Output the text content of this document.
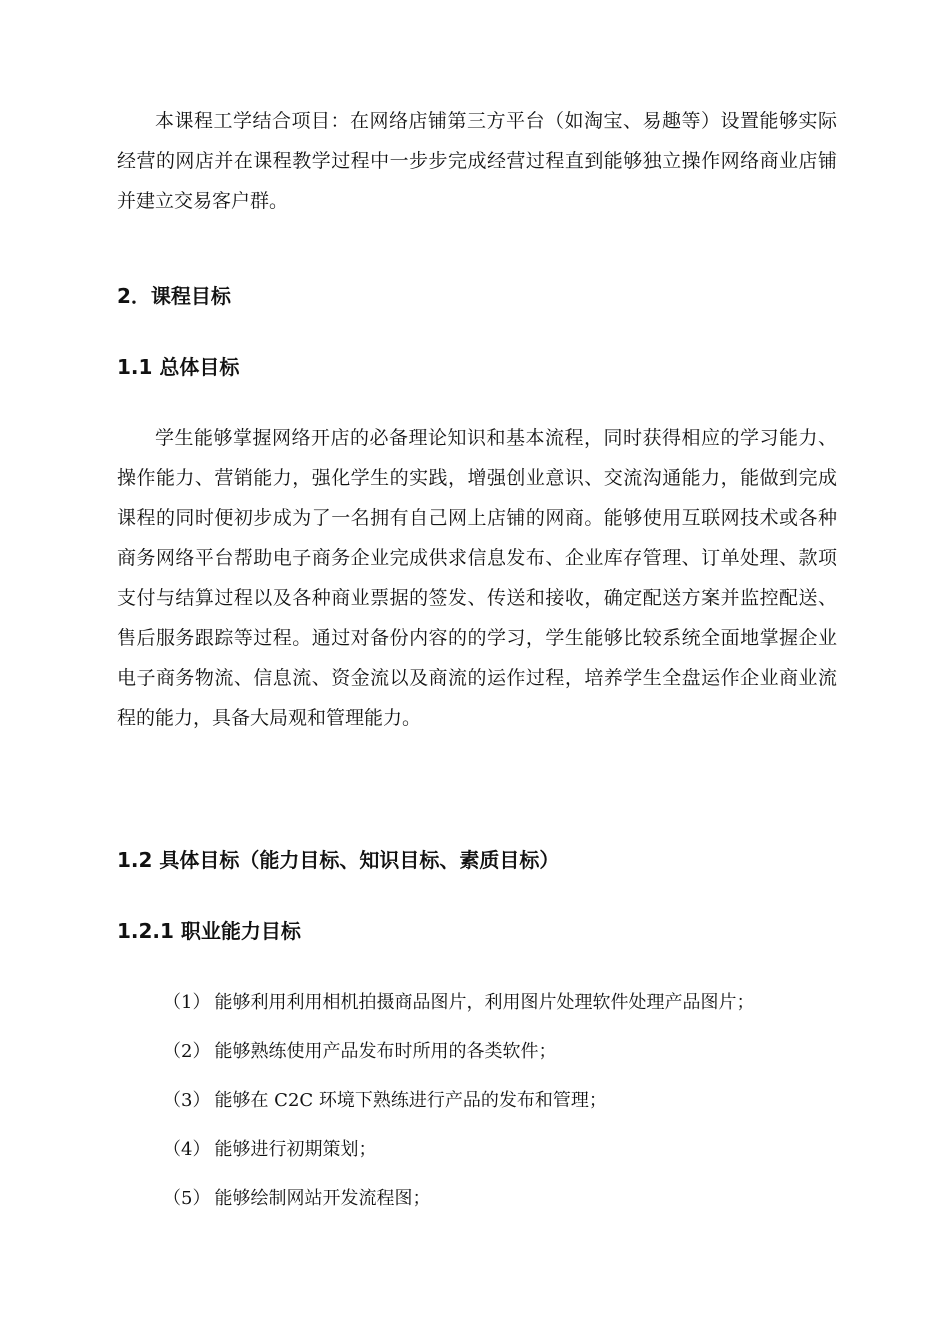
本课程工学结合项目：在网络店铺第三方平台（如淘宝、易趣等）设置能够实际经营的网店并在课程教学过程中一步步完成经营过程直到能够独立操作网络商业店铺并建立交易客户群。

2．课程目标
1.1 总体目标

学生能够掌握网络开店的必备理论知识和基本流程，同时获得相应的学习能力、操作能力、营销能力，强化学生的实践，增强创业意识、交流沟通能力，能做到完成课程的同时便初步成为了一名拥有自己网上店铺的网商。能够使用互联网技术或各种商务网络平台帮助电子商务企业完成供求信息发布、企业库存管理、订单处理、款项支付与结算过程以及各种商业票据的签发、传送和接收，确定配送方案并监控配送、售后服务跟踪等过程。通过对备份内容的的学习，学生能够比较系统全面地掌握企业电子商务物流、信息流、资金流以及商流的运作过程，培养学生全盘运作企业商业流程的能力，具备大局观和管理能力。

1.2 具体目标（能力目标、知识目标、素质目标）
1.2.1 职业能力目标
（1） 能够利用利用相机拍摄商品图片，利用图片处理软件处理产品图片；
（2） 能够熟练使用产品发布时所用的各类软件；
（3） 能够在 C2C 环境下熟练进行产品的发布和管理；
（4） 能够进行初期策划；
（5） 能够绘制网站开发流程图；
